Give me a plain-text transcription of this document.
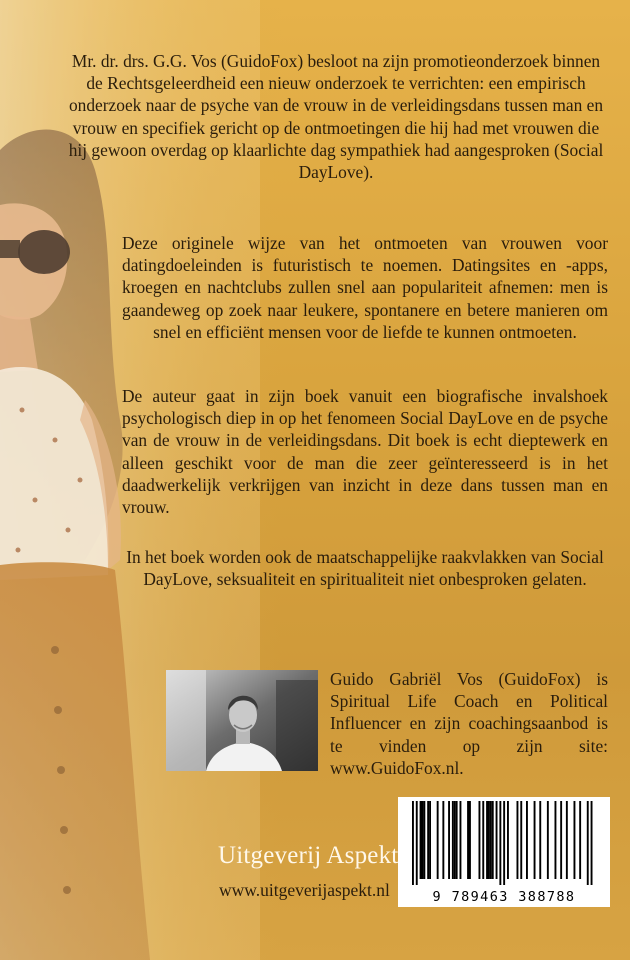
Mr. dr. drs. G.G. Vos (GuidoFox) besloot na zijn promotieonderzoek binnen de Rechtsgeleerdheid een nieuw onderzoek te verrichten: een empirisch onderzoek naar de psyche van de vrouw in de verleidingsdans tussen man en vrouw en specifiek gericht op de ontmoetingen die hij had met vrouwen die hij gewoon overdag op klaarlichte dag sympathiek had aangesproken (Social DayLove).

Deze originele wijze van het ontmoeten van vrouwen voor datingdoeleinden is futuristisch te noemen. Datingsites en -apps, kroegen en nachtclubs zullen snel aan populariteit afnemen: men is gaandeweg op zoek naar leukere, spontanere en betere manieren om snel en efficiënt mensen voor de liefde te kunnen ontmoeten.

De auteur gaat in zijn boek vanuit een biografische invalshoek psychologisch diep in op het fenomeen Social DayLove en de psyche van de vrouw in de verleidingsdans. Dit boek is echt dieptewerk en alleen geschikt voor de man die zeer geïnteresseerd is in het daadwerkelijk verkrijgen van inzicht in deze dans tussen man en vrouw.

In het boek worden ook de maatschappelijke raakvlakken van Social DayLove, seksualiteit en spiritualiteit niet onbesproken gelaten.

Guido Gabriël Vos (GuidoFox) is Spiritual Life Coach en Political Influencer en zijn coachingsaanbod is te vinden op zijn site: www.GuidoFox.nl.
Uitgeverij Aspekt
www.uitgeverijaspekt.nl	9 789463 388788
